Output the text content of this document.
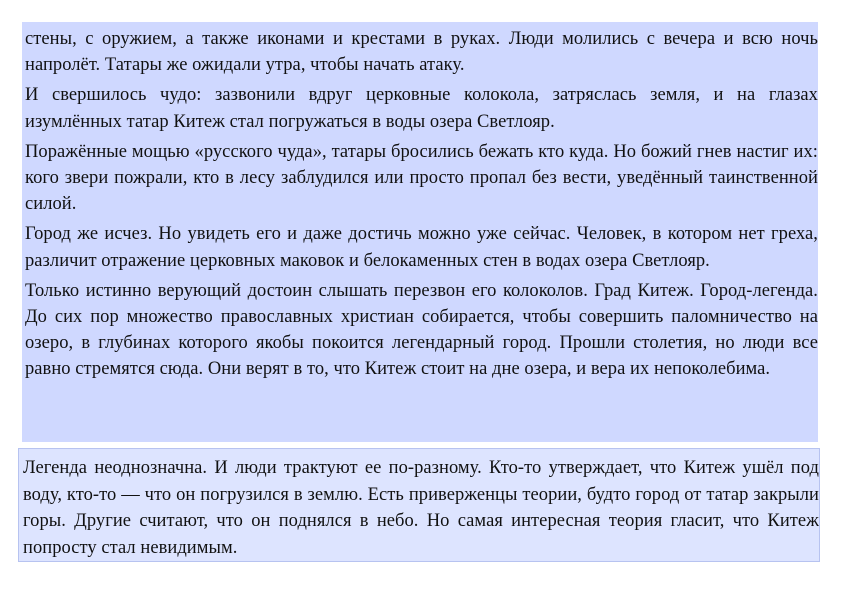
стены, с оружием, а также иконами и крестами в руках. Люди молились с вечера и всю ночь напролёт. Татары же ожидали утра, чтобы начать атаку.

И свершилось чудо: зазвонили вдруг церковные колокола, затряслась земля, и на глазах изумлённых татар Китеж стал погружаться в воды озера Светлояр.

Поражённые мощью «русского чуда», татары бросились бежать кто куда. Но божий гнев настиг их: кого звери пожрали, кто в лесу заблудился или просто пропал без вести, уведённый таинственной силой.

Город же исчез. Но увидеть его и даже достичь можно уже сейчас. Человек, в котором нет греха, различит отражение церковных маковок и белокаменных стен в водах озера Светлояр.

Только истинно верующий достоин слышать перезвон его колоколов. Град Китеж. Город-легенда. До сих пор множество православных христиан собирается, чтобы совершить паломничество на озеро, в глубинах которого якобы покоится легендарный город. Прошли столетия, но люди все равно стремятся сюда. Они верят в то, что Китеж стоит на дне озера, и вера их непоколебима.

Легенда неоднозначна. И люди трактуют ее по-разному. Кто-то утверждает, что Китеж ушёл под воду, кто-то — что он погрузился в землю. Есть приверженцы теории, будто город от татар закрыли горы. Другие считают, что он поднялся в небо. Но самая интересная теория гласит, что Китеж попросту стал невидимым.
